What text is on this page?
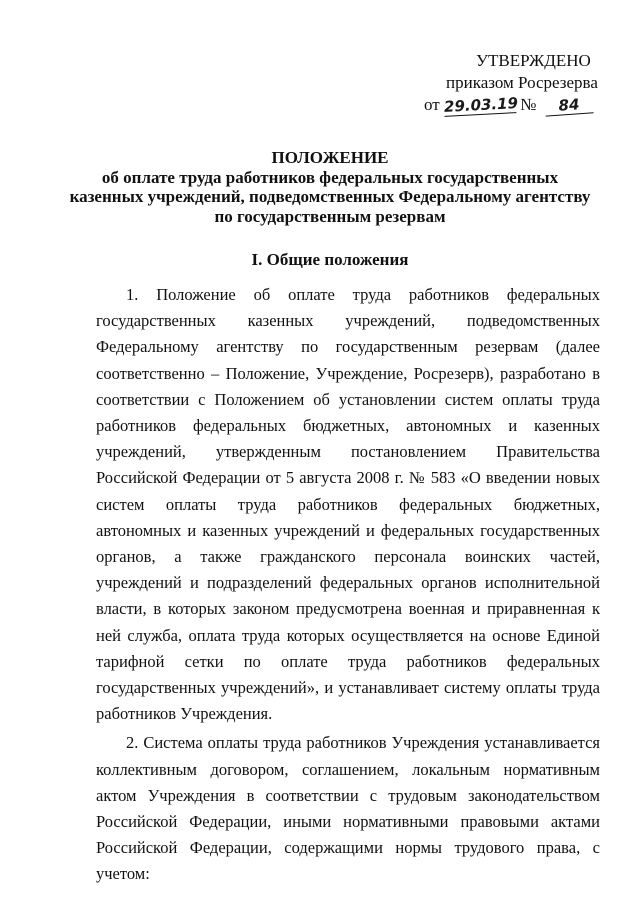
УТВЕРЖДЕНО
приказом Росрезерва
от 29.03.19 № 84
ПОЛОЖЕНИЕ
об оплате труда работников федеральных государственных
казенных учреждений, подведомственных Федеральному агентству
по государственным резервам
I. Общие положения

1. Положение об оплате труда работников федеральных государственных казенных учреждений, подведомственных Федеральному агентству по государственным резервам (далее соответственно – Положение, Учреждение, Росрезерв), разработано в соответствии с Положением об установлении систем оплаты труда работников федеральных бюджетных, автономных и казенных учреждений, утвержденным постановлением Правительства Российской Федерации от 5 августа 2008 г. № 583 «О введении новых систем оплаты труда работников федеральных бюджетных, автономных и казенных учреждений и федеральных государственных органов, а также гражданского персонала воинских частей, учреждений и подразделений федеральных органов исполнительной власти, в которых законом предусмотрена военная и приравненная к ней служба, оплата труда которых осуществляется на основе Единой тарифной сетки по оплате труда работников федеральных государственных учреждений», и устанавливает систему оплаты труда работников Учреждения.

2. Система оплаты труда работников Учреждения устанавливается коллективным договором, соглашением, локальным нормативным актом Учреждения в соответствии с трудовым законодательством Российской Федерации, иными нормативными правовыми актами Российской Федерации, содержащими нормы трудового права, с учетом:
